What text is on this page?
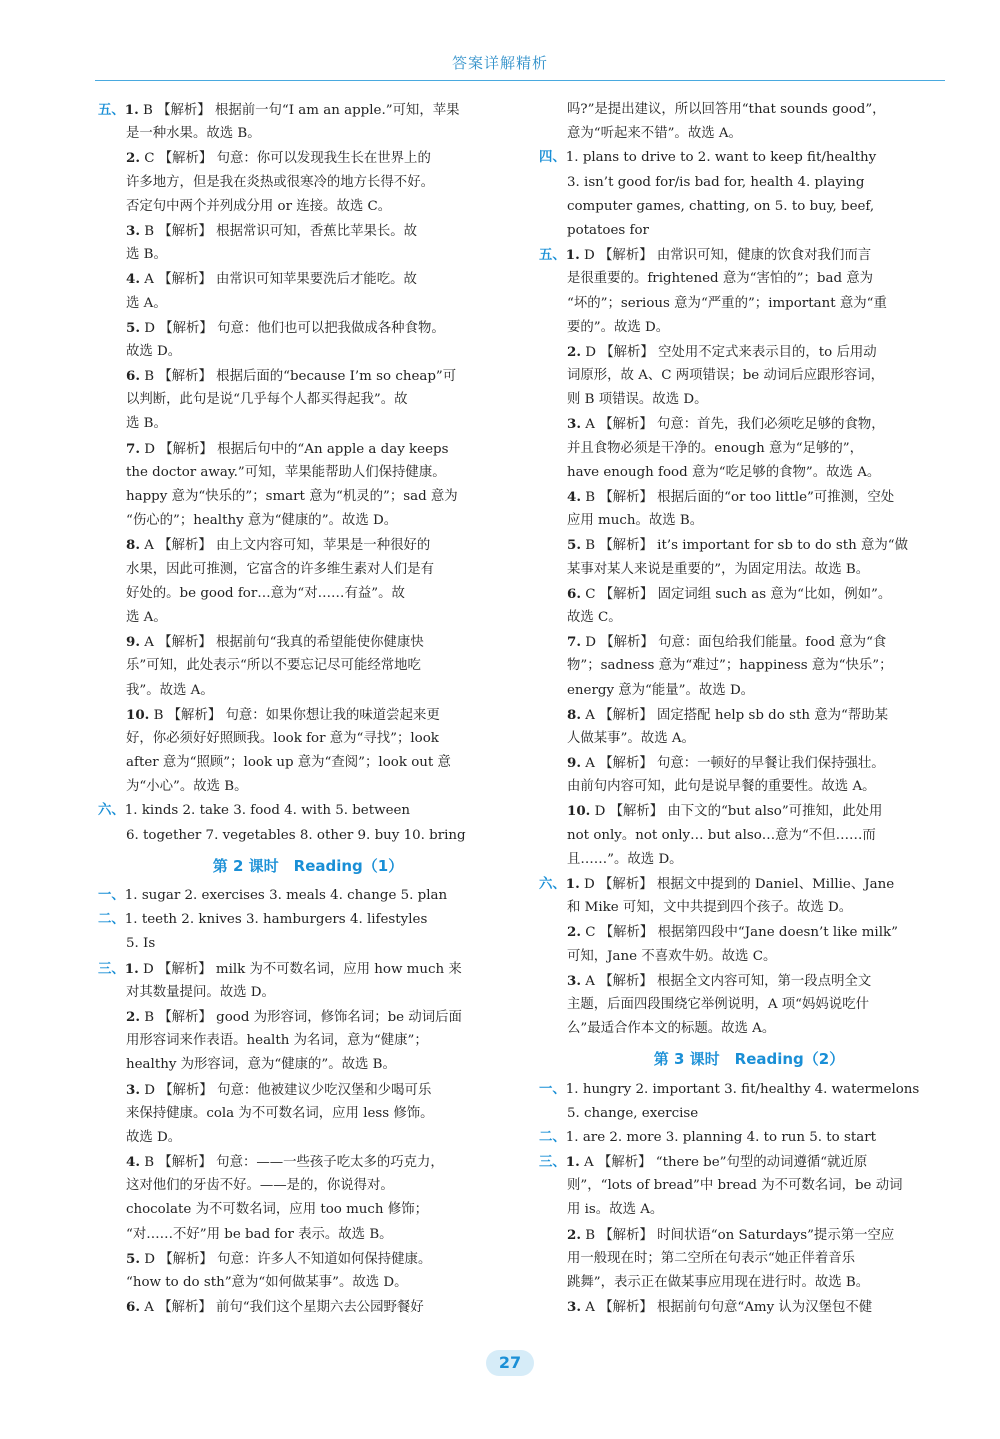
答案详解精析
五、1. B 【解析】 根据前一句“I am an apple.”可知，苹果
是一种水果。故选 B。
2. C 【解析】 句意：你可以发现我生长在世界上的
许多地方，但是我在炎热或很寒冷的地方长得不好。
否定句中两个并列成分用 or 连接。故选 C。
3. B 【解析】 根据常识可知，香蕉比苹果长。故
选 B。
4. A 【解析】 由常识可知苹果要洗后才能吃。故
选 A。
5. D 【解析】 句意：他们也可以把我做成各种食物。
故选 D。
6. B 【解析】 根据后面的“because I’m so cheap”可
以判断，此句是说“几乎每个人都买得起我”。故
选 B。
7. D 【解析】 根据后句中的“An apple a day keeps
the doctor away.”可知，苹果能帮助人们保持健康。
happy 意为“快乐的”；smart 意为“机灵的”；sad 意为
“伤心的”；healthy 意为“健康的”。故选 D。
8. A 【解析】 由上文内容可知，苹果是一种很好的
水果，因此可推测，它富含的许多维生素对人们是有
好处的。be good for…意为“对……有益”。故
选 A。
9. A 【解析】 根据前句“我真的希望能使你健康快
乐”可知，此处表示“所以不要忘记尽可能经常地吃
我”。故选 A。
10. B 【解析】 句意：如果你想让我的味道尝起来更
好，你必须好好照顾我。look for 意为“寻找”；look
after 意为“照顾”；look up 意为“查阅”；look out 意
为“小心”。故选 B。
六、1. kinds 2. take 3. food 4. with 5. between
6. together 7. vegetables 8. other 9. buy 10. bring
第 2 课时　Reading（1）
一、1. sugar 2. exercises 3. meals 4. change 5. plan
二、1. teeth 2. knives 3. hamburgers 4. lifestyles
5. Is
三、1. D 【解析】 milk 为不可数名词，应用 how much 来
对其数量提问。故选 D。
2. B 【解析】 good 为形容词，修饰名词；be 动词后面
用形容词来作表语。health 为名词，意为“健康”；
healthy 为形容词，意为“健康的”。故选 B。
3. D 【解析】 句意：他被建议少吃汉堡和少喝可乐
来保持健康。cola 为不可数名词，应用 less 修饰。
故选 D。
4. B 【解析】 句意：——一些孩子吃太多的巧克力，
这对他们的牙齿不好。——是的，你说得对。
chocolate 为不可数名词，应用 too much 修饰；
“对……不好”用 be bad for 表示。故选 B。
5. D 【解析】 句意：许多人不知道如何保持健康。
“how to do sth”意为“如何做某事”。故选 D。
6. A 【解析】 前句“我们这个星期六去公园野餐好
吗?”是提出建议，所以回答用“that sounds good”，
意为“听起来不错”。故选 A。
四、1. plans to drive to 2. want to keep fit/healthy
3. isn’t good for/is bad for, health 4. playing
computer games, chatting, on 5. to buy, beef,
potatoes for
五、1. D 【解析】 由常识可知，健康的饮食对我们而言
是很重要的。frightened 意为“害怕的”；bad 意为
“坏的”；serious 意为“严重的”；important 意为“重
要的”。故选 D。
2. D 【解析】 空处用不定式来表示目的，to 后用动
词原形，故 A、C 两项错误；be 动词后应跟形容词，
则 B 项错误。故选 D。
3. A 【解析】 句意：首先，我们必须吃足够的食物，
并且食物必须是干净的。enough 意为“足够的”，
have enough food 意为“吃足够的食物”。故选 A。
4. B 【解析】 根据后面的“or too little”可推测，空处
应用 much。故选 B。
5. B 【解析】 it’s important for sb to do sth 意为“做
某事对某人来说是重要的”，为固定用法。故选 B。
6. C 【解析】 固定词组 such as 意为“比如，例如”。
故选 C。
7. D 【解析】 句意：面包给我们能量。food 意为“食
物”；sadness 意为“难过”；happiness 意为“快乐”；
energy 意为“能量”。故选 D。
8. A 【解析】 固定搭配 help sb do sth 意为“帮助某
人做某事”。故选 A。
9. A 【解析】 句意：一顿好的早餐让我们保持强壮。
由前句内容可知，此句是说早餐的重要性。故选 A。
10. D 【解析】 由下文的“but also”可推知，此处用
not only。not only… but also…意为“不但……而
且……”。故选 D。
六、1. D 【解析】 根据文中提到的 Daniel、Millie、Jane
和 Mike 可知，文中共提到四个孩子。故选 D。
2. C 【解析】 根据第四段中“Jane doesn’t like milk”
可知，Jane 不喜欢牛奶。故选 C。
3. A 【解析】 根据全文内容可知，第一段点明全文
主题，后面四段围绕它举例说明，A 项“妈妈说吃什
么”最适合作本文的标题。故选 A。
第 3 课时　Reading（2）
一、1. hungry 2. important 3. fit/healthy 4. watermelons
5. change, exercise
二、1. are 2. more 3. planning 4. to run 5. to start
三、1. A 【解析】 “there be”句型的动词遵循“就近原
则”，“lots of bread”中 bread 为不可数名词，be 动词
用 is。故选 A。
2. B 【解析】 时间状语“on Saturdays”提示第一空应
用一般现在时；第二空所在句表示“她正伴着音乐
跳舞”，表示正在做某事应用现在进行时。故选 B。
3. A 【解析】 根据前句句意“Amy 认为汉堡包不健
27
